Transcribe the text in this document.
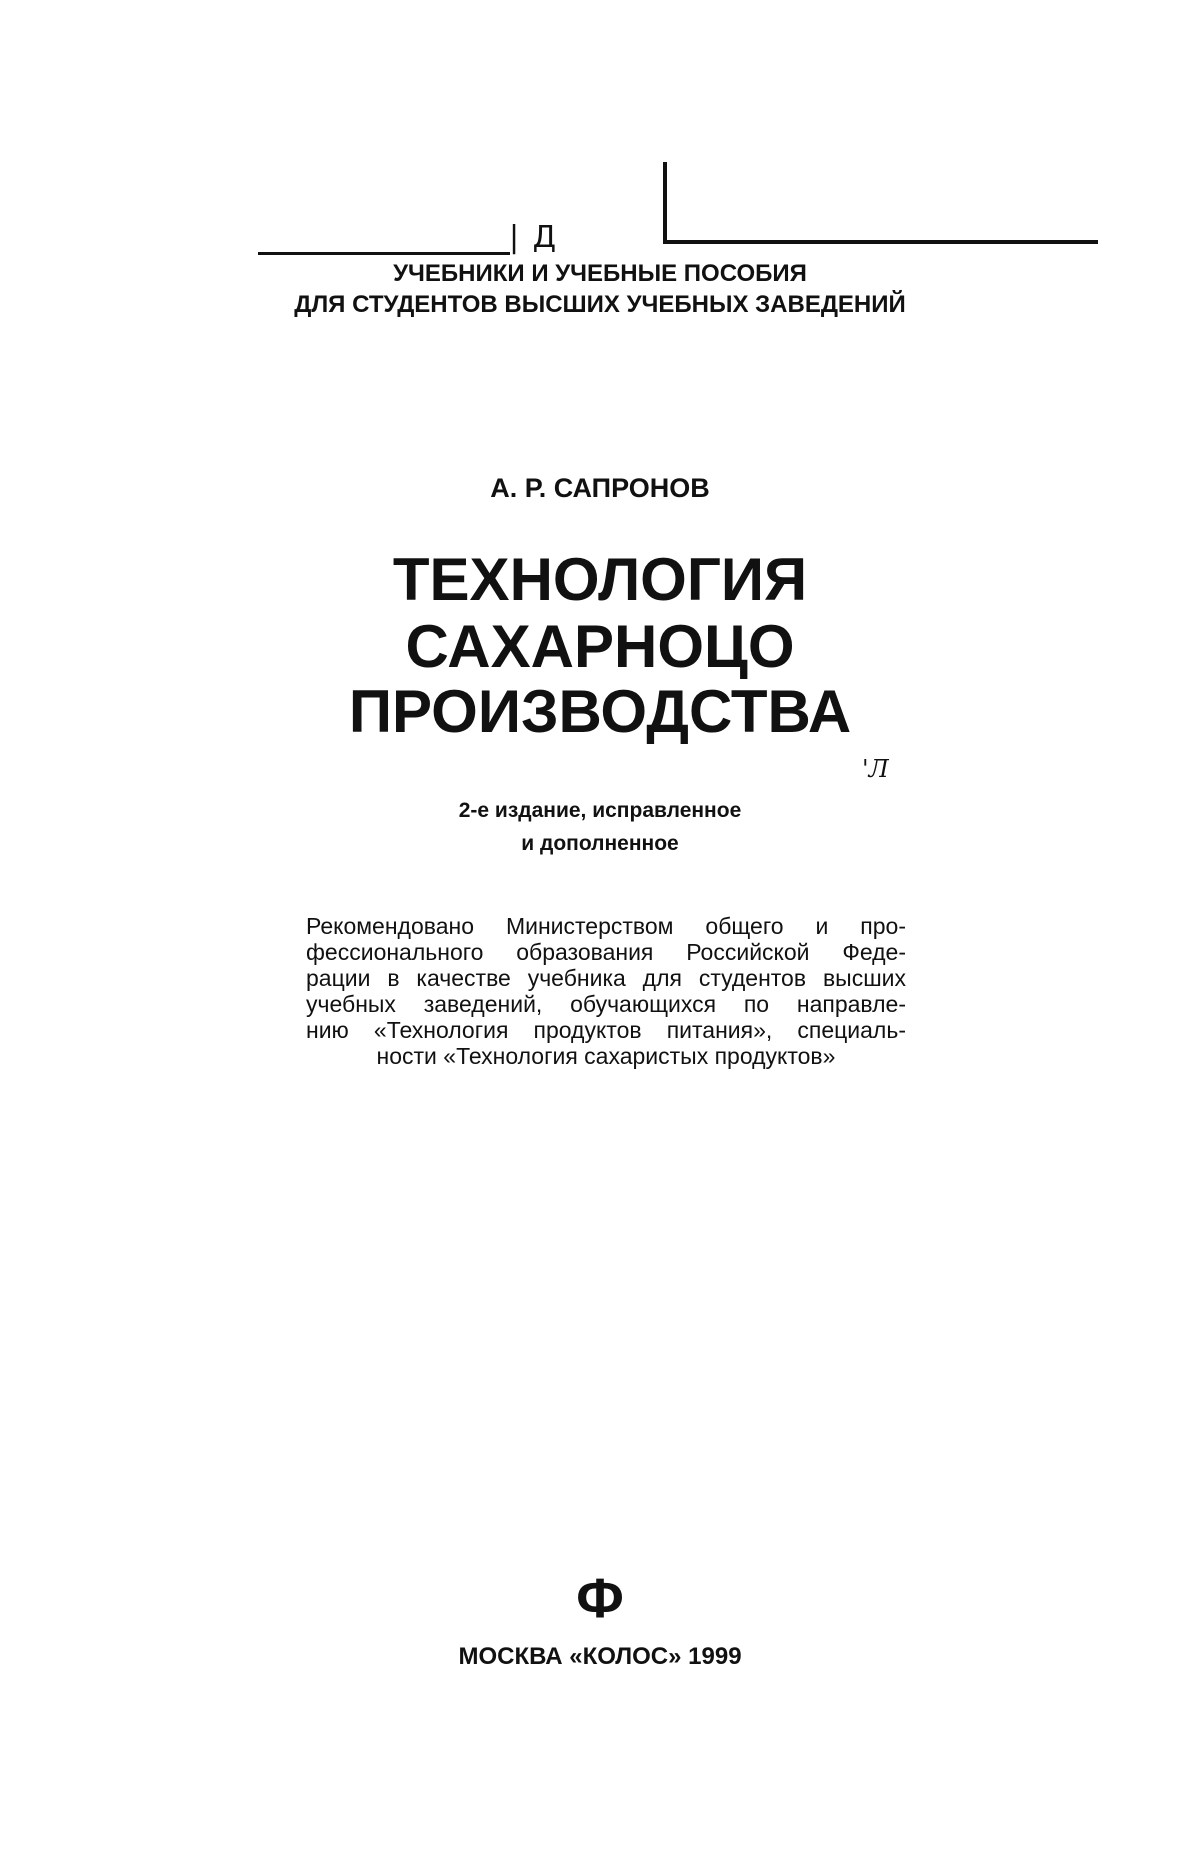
| Д
УЧЕБНИКИ И УЧЕБНЫЕ ПОСОБИЯ
ДЛЯ СТУДЕНТОВ ВЫСШИХ УЧЕБНЫХ ЗАВЕДЕНИЙ
А. Р. САПРОНОВ
ТЕХНОЛОГИЯ
САХАРНОЦО
ПРОИЗВОДСТВА
'Л
2-е издание, исправленное
и дополненное
Рекомендовано Министерством общего и про-
фессионального образования Российской Феде-
рации в качестве учебника для студентов высших
учебных заведений, обучающихся по направле-
нию «Технология продуктов питания», специаль-
ности «Технология сахаристых продуктов»
Ф
МОСКВА «КОЛОС» 1999
